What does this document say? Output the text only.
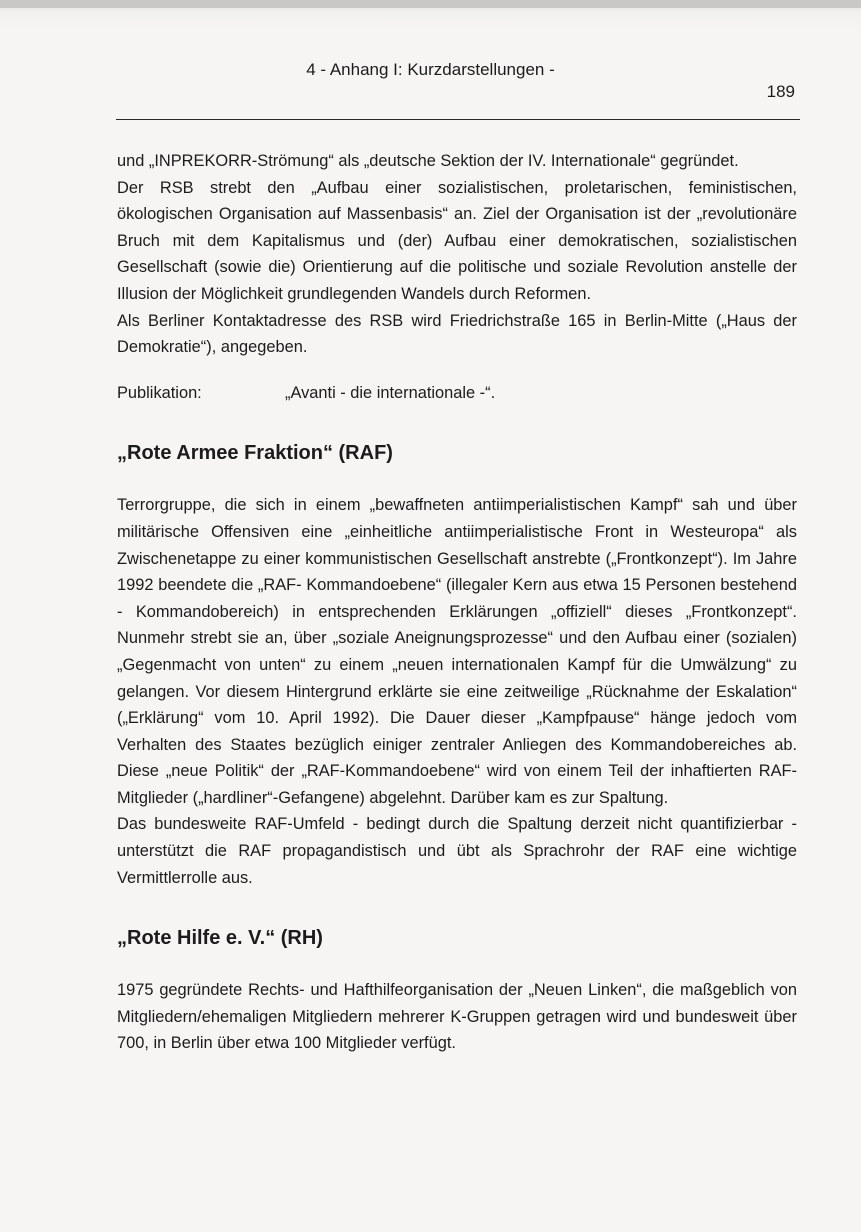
4 - Anhang I: Kurzdarstellungen -
189

und „INPREKORR-Strömung“ als „deutsche Sektion der IV. Internationale“ gegründet.

Der RSB strebt den „Aufbau einer sozialistischen, proletarischen, feministischen, ökologischen Organisation auf Massenbasis“ an. Ziel der Organisation ist der „revolutionäre Bruch mit dem Kapitalismus und (der) Aufbau einer demokratischen, sozialistischen Gesellschaft (sowie die) Orientierung auf die politische und soziale Revolution anstelle der Illusion der Möglichkeit grundlegenden Wandels durch Reformen.

Als Berliner Kontaktadresse des RSB wird Friedrichstraße 165 in Berlin-Mitte („Haus der Demokratie“), angegeben.

Publikation:	„Avanti - die internationale -“.
„Rote Armee Fraktion“ (RAF)

Terrorgruppe, die sich in einem „bewaffneten antiimperialistischen Kampf“ sah und über militärische Offensiven eine „einheitliche antiimperialistische Front in Westeuropa“ als Zwischenetappe zu einer kommunistischen Gesellschaft anstrebte („Frontkonzept“). Im Jahre 1992 beendete die „RAF- Kommandoebene“ (illegaler Kern aus etwa 15 Personen bestehend - Kommandobereich) in entsprechenden Erklärungen „offiziell“ dieses „Frontkonzept“. Nunmehr strebt sie an, über „soziale Aneignungsprozesse“ und den Aufbau einer (sozialen) „Gegenmacht von unten“ zu einem „neuen internationalen Kampf für die Umwälzung“ zu gelangen. Vor diesem Hintergrund erklärte sie eine zeitweilige „Rücknahme der Eskalation“ („Erklärung“ vom 10. April 1992). Die Dauer dieser „Kampfpause“ hänge jedoch vom Verhalten des Staates bezüglich einiger zentraler Anliegen des Kommandobereiches ab. Diese „neue Politik“ der „RAF-Kommandoebene“ wird von einem Teil der inhaftierten RAF-Mitglieder („hardliner“-Gefangene) abgelehnt. Darüber kam es zur Spaltung.

Das bundesweite RAF-Umfeld - bedingt durch die Spaltung derzeit nicht quantifizierbar - unterstützt die RAF propagandistisch und übt als Sprachrohr der RAF eine wichtige Vermittlerrolle aus.

„Rote Hilfe e. V.“ (RH)

1975 gegründete Rechts- und Hafthilfeorganisation der „Neuen Linken“, die maßgeblich von Mitgliedern/ehemaligen Mitgliedern mehrerer K-Gruppen getragen wird und bundesweit über 700, in Berlin über etwa 100 Mitglieder verfügt.
